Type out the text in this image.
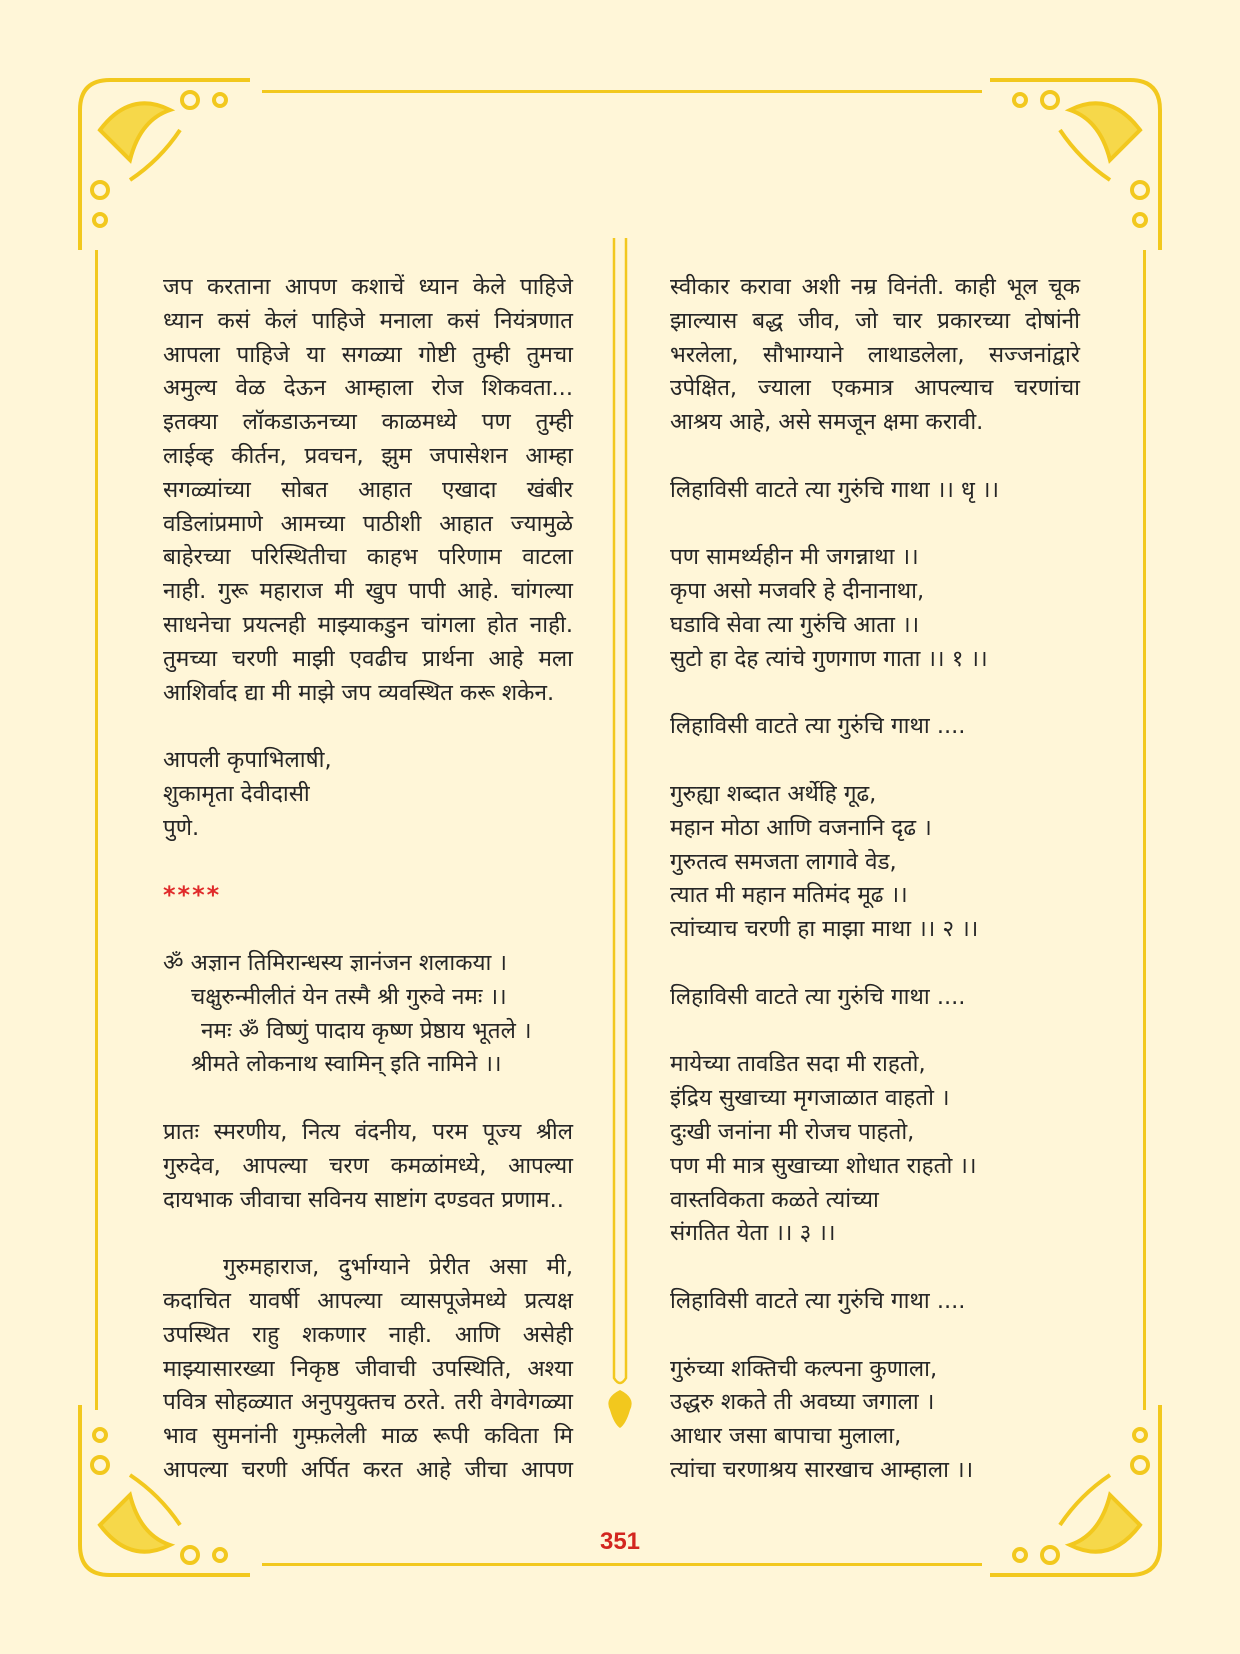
जप करताना आपण कशाचें ध्यान केले पाहिजे
ध्यान कसं केलं पाहिजे मनाला कसं नियंत्रणात
आपला पाहिजे या सगळ्या गोष्टी तुम्ही तुमचा
अमुल्य वेळ देऊन आम्हाला रोज शिकवता...
इतक्या लॉकडाऊनच्या काळमध्ये पण तुम्ही
लाईव्ह कीर्तन, प्रवचन, झुम जपासेशन आम्हा
सगळ्यांच्या सोबत आहात एखादा खंबीर
वडिलांप्रमाणे आमच्या पाठीशी आहात ज्यामुळे
बाहेरच्या परिस्थितीचा काहभ परिणाम वाटला
नाही. गुरू महाराज मी खुप पापी आहे. चांगल्या
साधनेचा प्रयत्नही माझ्याकडुन चांगला होत नाही.
तुमच्या चरणी माझी एवढीच प्रार्थना आहे मला
आशिर्वाद द्या मी माझे जप व्यवस्थित करू शकेन.
आपली कृपाभिलाषी,
शुकामृता देवीदासी
पुणे.
****
ॐ अज्ञान तिमिरान्धस्य ज्ञानंजन शलाकया ।
चक्षुरुन्मीलीतं येन तस्मै श्री गुरुवे नमः ।।
नमः ॐ विष्णुं पादाय कृष्ण प्रेष्ठाय भूतले ।
श्रीमते लोकनाथ स्वामिन् इति नामिने ।।
प्रातः स्मरणीय, नित्य वंदनीय, परम पूज्य श्रील
गुरुदेव, आपल्या चरण कमळांमध्ये, आपल्या
दायभाक जीवाचा सविनय साष्टांग दण्डवत प्रणाम..
गुरुमहाराज, दुर्भाग्याने प्रेरीत असा मी,
कदाचित यावर्षी आपल्या व्यासपूजेमध्ये प्रत्यक्ष
उपस्थित राहु शकणार नाही. आणि असेही
माझ्यासारख्या निकृष्ठ जीवाची उपस्थिति, अश्या
पवित्र सोहळ्यात अनुपयुक्तच ठरते. तरी वेगवेगळ्या
भाव सुमनांनी गुम्फ़लेली माळ रूपी कविता मि
आपल्या चरणी अर्पित करत आहे जीचा आपण
स्वीकार करावा अशी नम्र विनंती. काही भूल चूक
झाल्यास बद्ध जीव, जो चार प्रकारच्या दोषांनी
भरलेला, सौभाग्याने लाथाडलेला, सज्जनांद्वारे
उपेक्षित, ज्याला एकमात्र आपल्याच चरणांचा
आश्रय आहे, असे समजून क्षमा करावी.
लिहाविसी वाटते त्या गुरुंचि गाथा ।। धृ ।।
पण सामर्थ्यहीन मी जगन्नाथा ।।
कृपा असो मजवरि हे दीनानाथा,
घडावि सेवा त्या गुरुंचि आता ।।
सुटो हा देह त्यांचे गुणगाण गाता ।। १ ।।
लिहाविसी वाटते त्या गुरुंचि गाथा ....
गुरुह्या शब्दात अर्थेहि गूढ,
महान मोठा आणि वजनानि दृढ ।
गुरुतत्व समजता लागावे वेड,
त्यात मी महान मतिमंद मूढ ।।
त्यांच्याच चरणी हा माझा माथा ।। २ ।।
लिहाविसी वाटते त्या गुरुंचि गाथा ....
मायेच्या तावडित सदा मी राहतो,
इंद्रिय सुखाच्या मृगजाळात वाहतो ।
दुःखी जनांना मी रोजच पाहतो,
पण मी मात्र सुखाच्या शोधात राहतो ।।
वास्तविकता कळते त्यांच्या
संगतित येता ।। ३ ।।
लिहाविसी वाटते त्या गुरुंचि गाथा ....
गुरुंच्या शक्तिची कल्पना कुणाला,
उद्धरु शकते ती अवघ्या जगाला ।
आधार जसा बापाचा मुलाला,
त्यांचा चरणाश्रय सारखाच आम्हाला ।।
351
